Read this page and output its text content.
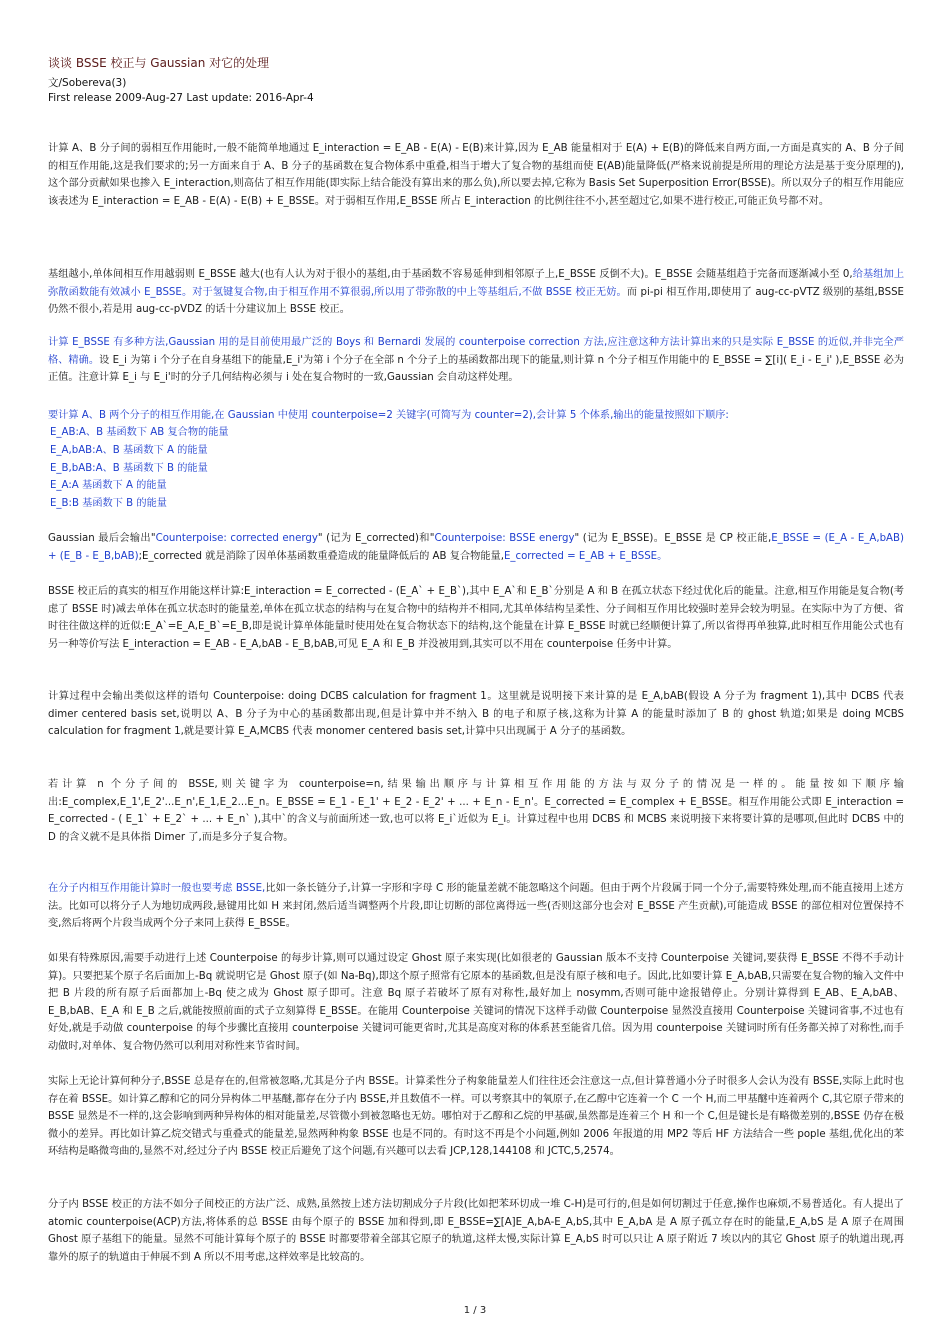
谈谈 BSSE 校正与 Gaussian 对它的处理
文/Sobereva(3)
First release 2009-Aug-27 Last update: 2016-Apr-4
计算 A、B 分子间的弱相互作用能时,一般不能简单地通过 E_interaction = E_AB - E(A) - E(B)来计算,因为 E_AB 能量相对于 E(A) + E(B)的降低来自两方面,一方面是真实的 A、B 分子间的相互作用能,这是我们要求的;另一方面来自于 A、B 分子的基函数在复合物体系中重叠,相当于增大了复合物的基组而使 E(AB)能量降低(严格来说前提是所用的理论方法是基于变分原理的),这个部分贡献如果也掺入 E_interaction,则高估了相互作用能(即实际上结合能没有算出来的那么负),所以要去掉,它称为 Basis Set Superposition Error(BSSE)。所以双分子的相互作用能应该表述为 E_interaction = E_AB - E(A) - E(B) + E_BSSE。对于弱相互作用,E_BSSE 所占 E_interaction 的比例往往不小,甚至超过它,如果不进行校正,可能正负号都不对。
基组越小,单体间相互作用越弱则 E_BSSE 越大(也有人认为对于很小的基组,由于基函数不容易延伸到相邻原子上,E_BSSE 反倒不大)。E_BSSE 会随基组趋于完备而逐渐减小至 0,给基组加上弥散函数能有效减小 E_BSSE。对于氢键复合物,由于相互作用不算很弱,所以用了带弥散的中上等基组后,不做 BSSE 校正无妨。而 pi-pi 相互作用,即使用了 aug-cc-pVTZ 级别的基组,BSSE 仍然不很小,若是用 aug-cc-pVDZ 的话十分建议加上 BSSE 校正。
计算 E_BSSE 有多种方法,Gaussian 用的是目前使用最广泛的 Boys 和 Bernardi 发展的 counterpoise correction 方法,应注意这种方法计算出来的只是实际 E_BSSE 的近似,并非完全严格、精确。设 E_i 为第 i 个分子在自身基组下的能量,E_i'为第 i 个分子在全部 n 个分子上的基函数都出现下的能量,则计算 n 个分子相互作用能中的 E_BSSE = ∑[i]( E_i - E_i' ),E_BSSE 必为正值。注意计算 E_i 与 E_i'时的分子几何结构必须与 i 处在复合物时的一致,Gaussian 会自动这样处理。
要计算 A、B 两个分子的相互作用能,在 Gaussian 中使用 counterpoise=2 关键字(可简写为 counter=2),会计算 5 个体系,输出的能量按照如下顺序:
E_AB:A、B 基函数下 AB 复合物的能量
E_A,bAB:A、B 基函数下 A 的能量
E_B,bAB:A、B 基函数下 B 的能量
E_A:A 基函数下 A 的能量
E_B:B 基函数下 B 的能量
Gaussian 最后会输出"Counterpoise: corrected energy" (记为 E_corrected)和"Counterpoise: BSSE energy" (记为 E_BSSE)。E_BSSE 是 CP 校正能,E_BSSE = (E_A - E_A,bAB) + (E_B - E_B,bAB);E_corrected 就是消除了因单体基函数重叠造成的能量降低后的 AB 复合物能量,E_corrected = E_AB + E_BSSE。
BSSE 校正后的真实的相互作用能这样计算:E_interaction = E_corrected - (E_A` + E_B`),其中 E_A`和 E_B`分别是 A 和 B 在孤立状态下经过优化后的能量。注意,相互作用能是复合物(考虑了 BSSE 时)减去单体在孤立状态时的能量差,单体在孤立状态的结构与在复合物中的结构并不相同,尤其单体结构呈柔性、分子间相互作用比较强时差异会较为明显。在实际中为了方便、省时往往做这样的近似:E_A`=E_A,E_B`=E_B,即是说计算单体能量时使用处在复合物状态下的结构,这个能量在计算 E_BSSE 时就已经顺便计算了,所以省得再单独算,此时相互作用能公式也有另一种等价写法 E_interaction = E_AB - E_A,bAB - E_B,bAB,可见 E_A 和 E_B 并没被用到,其实可以不用在 counterpoise 任务中计算。
计算过程中会输出类似这样的语句 Counterpoise: doing DCBS calculation for fragment 1。这里就是说明接下来计算的是 E_A,bAB(假设 A 分子为 fragment 1),其中 DCBS 代表 dimer centered basis set,说明以 A、B 分子为中心的基函数都出现,但是计算中并不纳入 B 的电子和原子核,这称为计算 A 的能量时添加了 B 的 ghost 轨道;如果是 doing MCBS calculation for fragment 1,就是要计算 E_A,MCBS 代表 monomer centered basis set,计算中只出现属于 A 分子的基函数。
若计算 n 个分子间的 BSSE,则关键字为 counterpoise=n,结果输出顺序与计算相互作用能的方法与双分子的情况是一样的。能量按如下顺序输出:E_complex,E_1',E_2'...E_n',E_1,E_2...E_n。E_BSSE = E_1 - E_1' + E_2 - E_2' + ... + E_n - E_n'。E_corrected = E_complex + E_BSSE。相互作用能公式即 E_interaction = E_corrected - ( E_1` + E_2` + ... + E_n` ),其中`的含义与前面所述一致,也可以将 E_i`近似为 E_i。计算过程中也用 DCBS 和 MCBS 来说明接下来将要计算的是哪项,但此时 DCBS 中的 D 的含义就不是具体指 Dimer 了,而是多分子复合物。
在分子内相互作用能计算时一般也要考虑 BSSE,比如一条长链分子,计算一字形和字母 C 形的能量差就不能忽略这个问题。但由于两个片段属于同一个分子,需要特殊处理,而不能直接用上述方法。比如可以将分子人为地切成两段,悬键用比如 H 来封闭,然后适当调整两个片段,即让切断的部位离得远一些(否则这部分也会对 E_BSSE 产生贡献),可能造成 BSSE 的部位相对位置保持不变,然后将两个片段当成两个分子来同上获得 E_BSSE。
如果有特殊原因,需要手动进行上述 Counterpoise 的每步计算,则可以通过设定 Ghost 原子来实现(比如很老的 Gaussian 版本不支持 Counterpoise 关键词,要获得 E_BSSE 不得不手动计算)。只要把某个原子名后面加上-Bq 就说明它是 Ghost 原子(如 Na-Bq),即这个原子照常有它原本的基函数,但是没有原子核和电子。因此,比如要计算 E_A,bAB,只需要在复合物的输入文件中把 B 片段的所有原子后面都加上-Bq 使之成为 Ghost 原子即可。注意 Bq 原子若破坏了原有对称性,最好加上 nosymm,否则可能中途报错停止。分别计算得到 E_AB、E_A,bAB、E_B,bAB、E_A 和 E_B 之后,就能按照前面的式子立刻算得 E_BSSE。在能用 Counterpoise 关键词的情况下这样手动做 Counterpoise 显然没直接用 Counterpoise 关键词省事,不过也有好处,就是手动做 counterpoise 的每个步骤比直接用 counterpoise 关键词可能更省时,尤其是高度对称的体系甚至能省几倍。因为用 counterpoise 关键词时所有任务都关掉了对称性,而手动做时,对单体、复合物仍然可以利用对称性来节省时间。
实际上无论计算何种分子,BSSE 总是存在的,但常被忽略,尤其是分子内 BSSE。计算柔性分子构象能量差人们往往还会注意这一点,但计算普通小分子时很多人会认为没有 BSSE,实际上此时也存在着 BSSE。如计算乙醇和它的同分异构体二甲基醚,都存在分子内 BSSE,并且数值不一样。可以考察其中的氧原子,在乙醇中它连着一个 C 一个 H,而二甲基醚中连着两个 C,其它原子带来的 BSSE 显然是不一样的,这会影响到两种异构体的相对能量差,尽管微小到被忽略也无妨。哪怕对于乙醇和乙烷的甲基碳,虽然都是连着三个 H 和一个 C,但是键长是有略微差别的,BSSE 仍存在极微小的差异。再比如计算乙烷交错式与重叠式的能量差,显然两种构象 BSSE 也是不同的。有时这不再是个小问题,例如 2006 年报道的用 MP2 等后 HF 方法结合一些 pople 基组,优化出的苯环结构是略微弯曲的,显然不对,经过分子内 BSSE 校正后避免了这个问题,有兴趣可以去看 JCP,128,144108 和 JCTC,5,2574。
分子内 BSSE 校正的方法不如分子间校正的方法广泛、成熟,虽然按上述方法切割成分子片段(比如把苯环切成一堆 C-H)是可行的,但是如何切割过于任意,操作也麻烦,不易普适化。有人提出了 atomic counterpoise(ACP)方法,将体系的总 BSSE 由每个原子的 BSSE 加和得到,即 E_BSSE=∑[A]E_A,bA-E_A,bS,其中 E_A,bA 是 A 原子孤立存在时的能量,E_A,bS 是 A 原子在周围 Ghost 原子基组下的能量。显然不可能计算每个原子的 BSSE 时都要带着全部其它原子的轨道,这样太慢,实际计算 E_A,bS 时可以只让 A 原子附近 7 埃以内的其它 Ghost 原子的轨道出现,再靠外的原子的轨道由于伸展不到 A 所以不用考虑,这样效率是比较高的。
1 / 3
